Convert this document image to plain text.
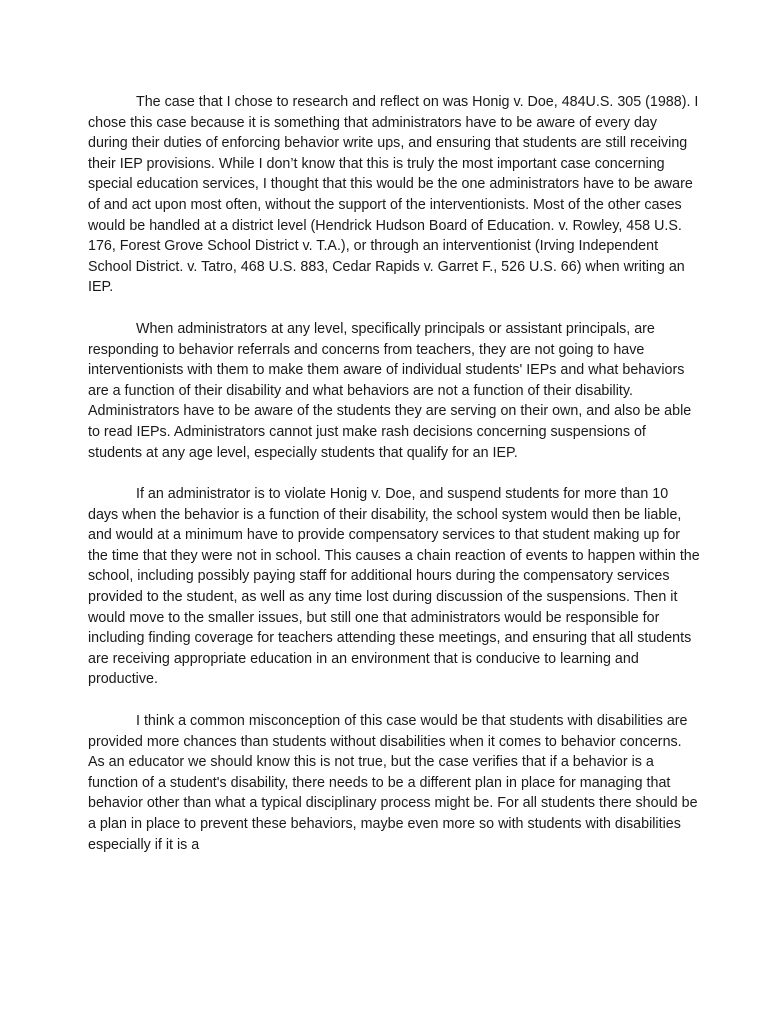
The case that I chose to research and reflect on was Honig v. Doe, 484U.S. 305 (1988). I chose this case because it is something that administrators have to be aware of every day during their duties of enforcing behavior write ups, and ensuring that students are still receiving their IEP provisions. While I don’t know that this is truly the most important case concerning special education services, I thought that this would be the one administrators have to be aware of and act upon most often, without the support of the interventionists. Most of the other cases would be handled at a district level (Hendrick Hudson Board of Education. v. Rowley, 458 U.S. 176, Forest Grove School District v. T.A.), or through an interventionist (Irving Independent School District. v. Tatro, 468 U.S. 883, Cedar Rapids v. Garret F., 526 U.S. 66) when writing an IEP.

When administrators at any level, specifically principals or assistant principals, are responding to behavior referrals and concerns from teachers, they are not going to have interventionists with them to make them aware of individual students' IEPs and what behaviors are a function of their disability and what behaviors are not a function of their disability. Administrators have to be aware of the students they are serving on their own, and also be able to read IEPs. Administrators cannot just make rash decisions concerning suspensions of students at any age level, especially students that qualify for an IEP.

If an administrator is to violate Honig v. Doe, and suspend students for more than 10 days when the behavior is a function of their disability, the school system would then be liable, and would at a minimum have to provide compensatory services to that student making up for the time that they were not in school. This causes a chain reaction of events to happen within the school, including possibly paying staff for additional hours during the compensatory services provided to the student, as well as any time lost during discussion of the suspensions. Then it would move to the smaller issues, but still one that administrators would be responsible for including finding coverage for teachers attending these meetings, and ensuring that all students are receiving appropriate education in an environment that is conducive to learning and productive.

I think a common misconception of this case would be that students with disabilities are provided more chances than students without disabilities when it comes to behavior concerns. As an educator we should know this is not true, but the case verifies that if a behavior is a function of a student's disability, there needs to be a different plan in place for managing that behavior other than what a typical disciplinary process might be. For all students there should be a plan in place to prevent these behaviors, maybe even more so with students with disabilities especially if it is a
